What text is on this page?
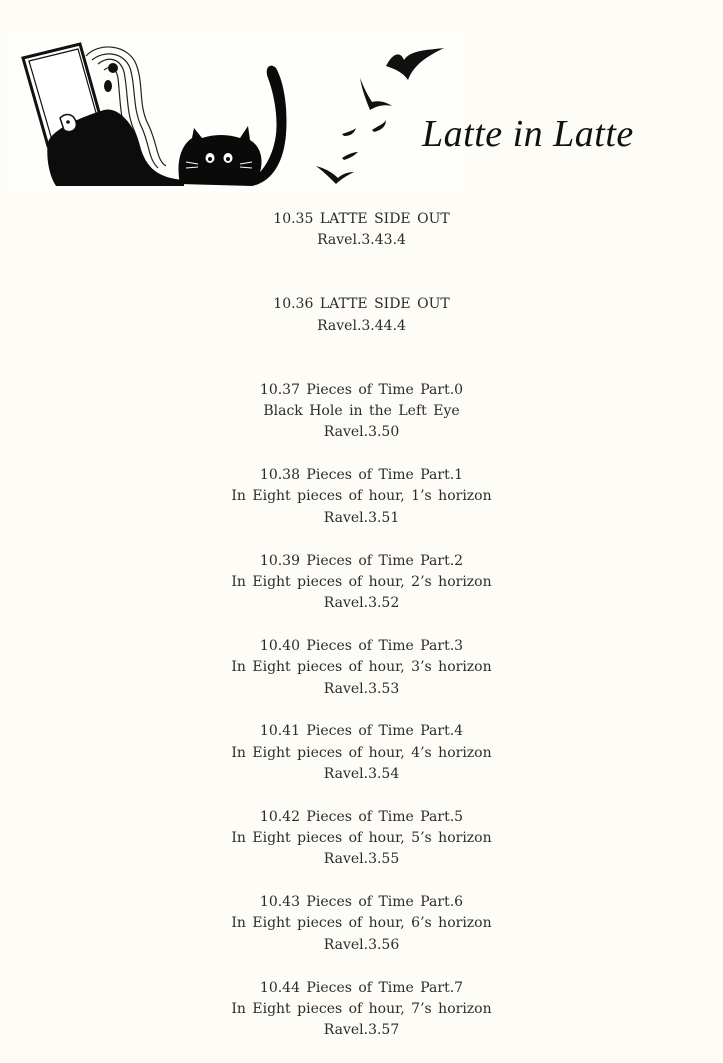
Latte in Latte
10.35 LATTE SIDE OUT
Ravel.3.43.4
10.36 LATTE SIDE OUT
Ravel.3.44.4
10.37 Pieces of Time Part.0
Black Hole in the Left Eye
Ravel.3.50
10.38 Pieces of Time Part.1
In Eight pieces of hour, 1’s horizon
Ravel.3.51
10.39 Pieces of Time Part.2
In Eight pieces of hour, 2’s horizon
Ravel.3.52
10.40 Pieces of Time Part.3
In Eight pieces of hour, 3’s horizon
Ravel.3.53
10.41 Pieces of Time Part.4
In Eight pieces of hour, 4’s horizon
Ravel.3.54
10.42 Pieces of Time Part.5
In Eight pieces of hour, 5’s horizon
Ravel.3.55
10.43 Pieces of Time Part.6
In Eight pieces of hour, 6’s horizon
Ravel.3.56
10.44 Pieces of Time Part.7
In Eight pieces of hour, 7’s horizon
Ravel.3.57
